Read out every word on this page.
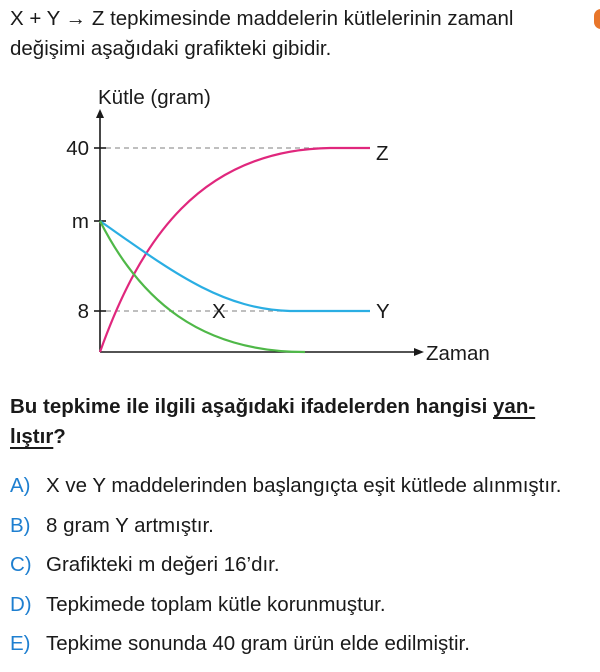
X + Y → Z tepkimesinde maddelerin kütlelerinin zamanl
değişimi aşağıdaki grafikteki gibidir.
Kütle (gram)
Zaman
40
m
8
Z
X	Y
Bu tepkime ile ilgili aşağıdaki ifadelerden hangisi yan-
lıştır?
A) X ve Y maddelerinden başlangıçta eşit kütlede alınmıştır.
B) 8 gram Y artmıştır.
C) Grafikteki m değeri 16’dır.
D) Tepkimede toplam kütle korunmuştur.
E) Tepkime sonunda 40 gram ürün elde edilmiştir.
